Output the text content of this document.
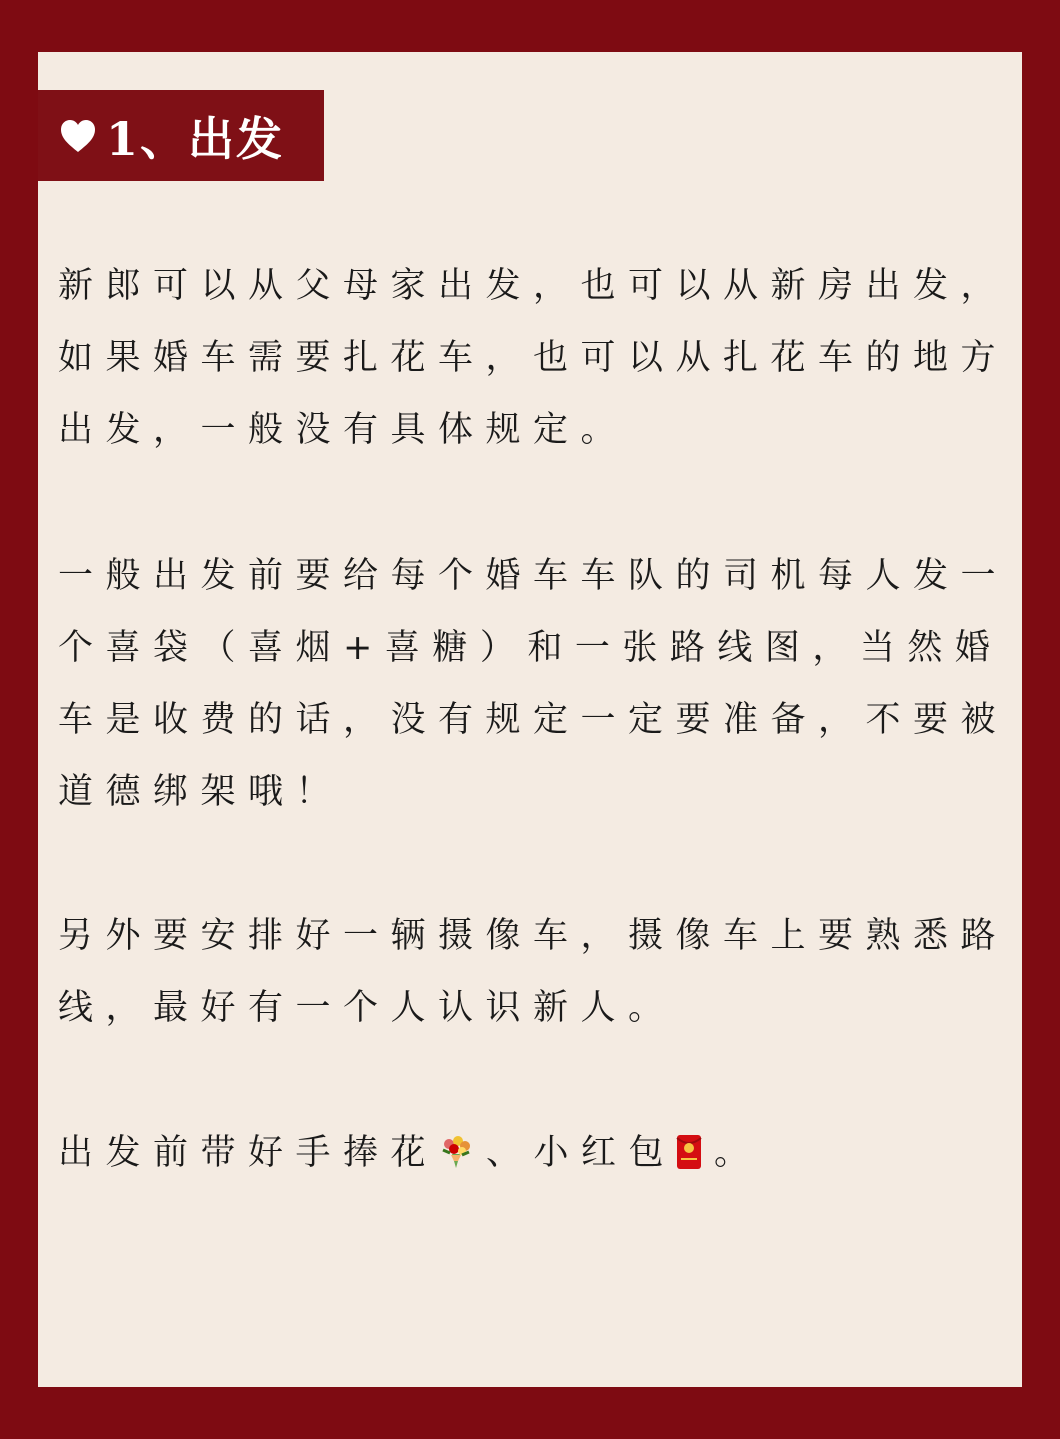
1、出发

新郎可以从父母家出发，也可以从新房出发，如果婚车需要扎花车，也可以从扎花车的地方出发，一般没有具体规定。

一般出发前要给每个婚车车队的司机每人发一个喜袋（喜烟+喜糖）和一张路线图，当然婚车是收费的话，没有规定一定要准备，不要被道德绑架哦！

另外要安排好一辆摄像车，摄像车上要熟悉路线，最好有一个人认识新人。

出发前带好手捧花 、小红包 。
